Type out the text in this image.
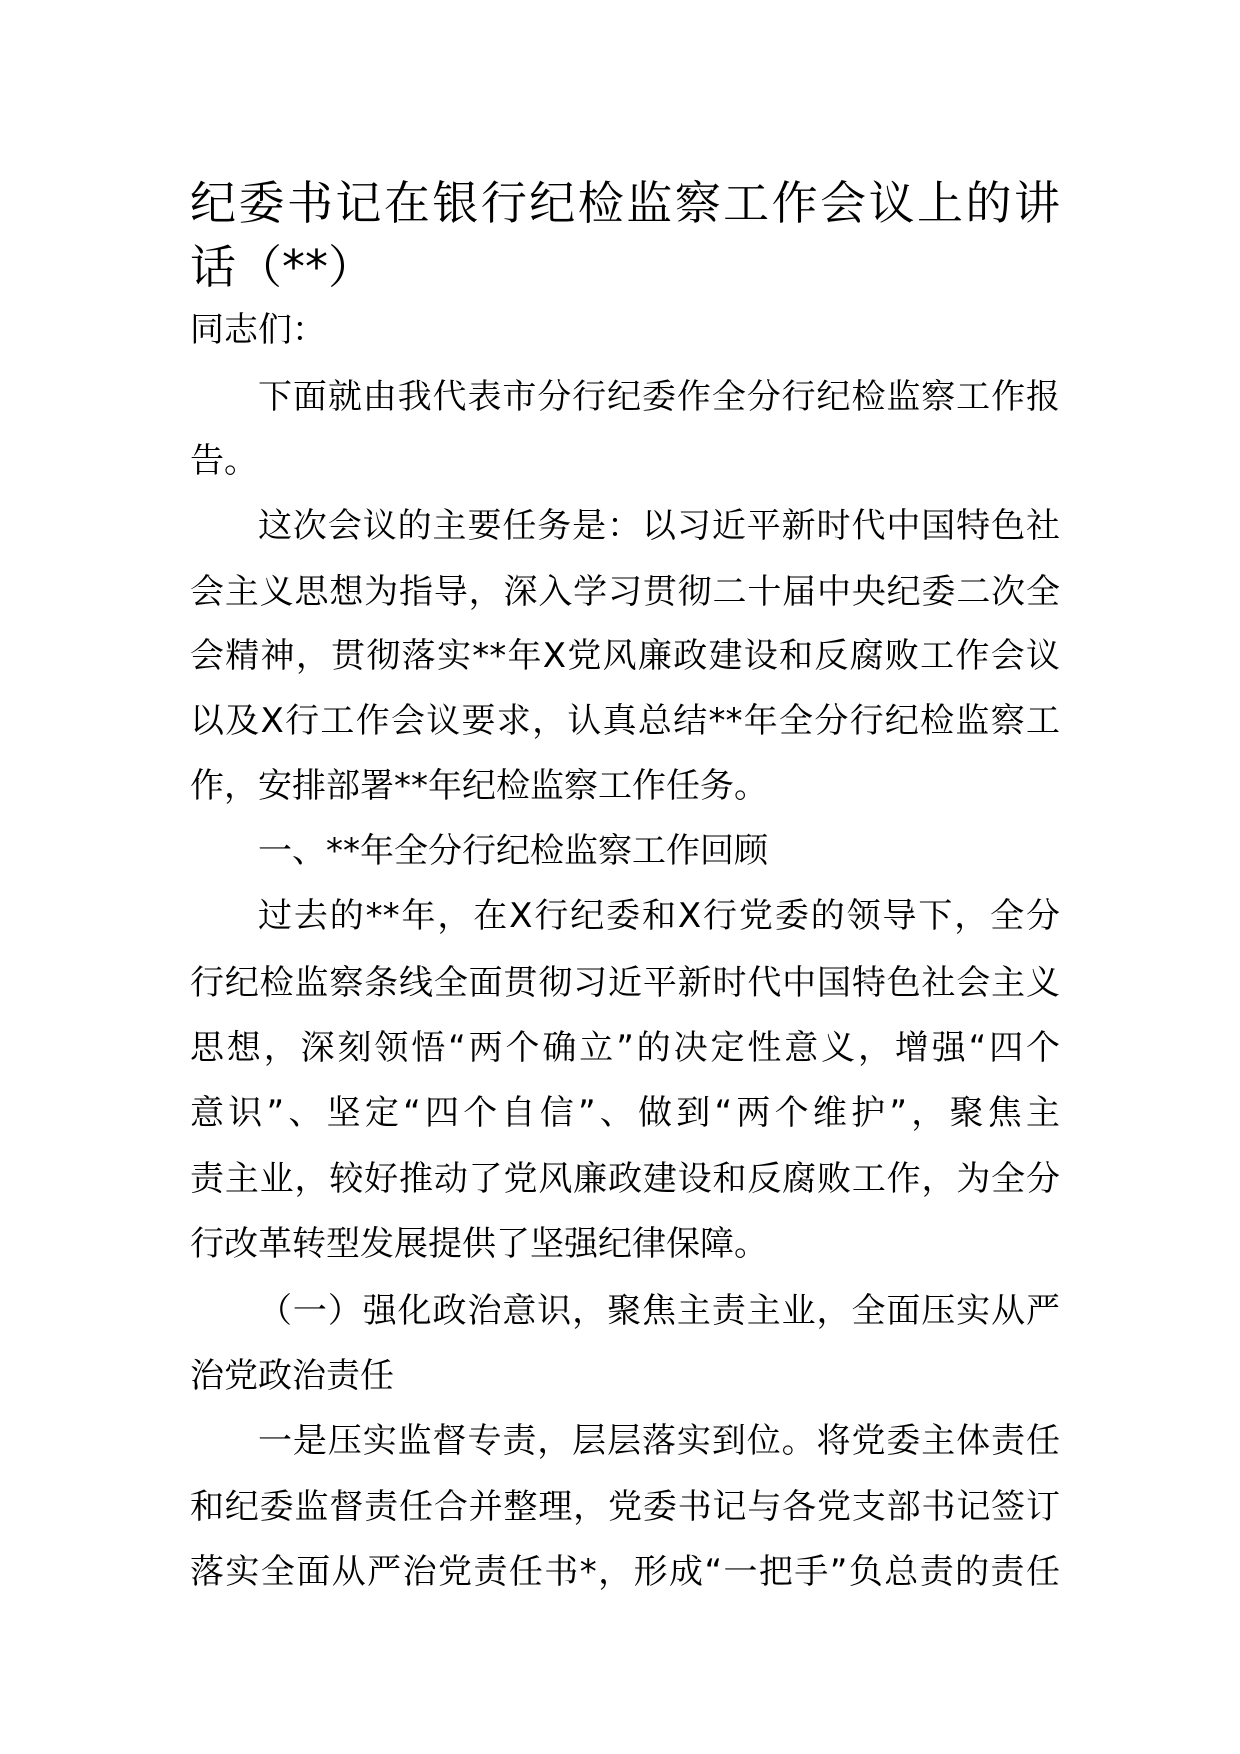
纪委书记在银行纪检监察工作会议上的讲
话（**）
同志们：
下面就由我代表市分行纪委作全分行纪检监察工作报
告。
这次会议的主要任务是：以习近平新时代中国特色社
会主义思想为指导，深入学习贯彻二十届中央纪委二次全
会精神，贯彻落实**年X党风廉政建设和反腐败工作会议
以及X行工作会议要求，认真总结**年全分行纪检监察工
作，安排部署**年纪检监察工作任务。
一、**年全分行纪检监察工作回顾
过去的**年，在X行纪委和X行党委的领导下，全分
行纪检监察条线全面贯彻习近平新时代中国特色社会主义
思想，深刻领悟“两个确立”的决定性意义，增强“四个
意识”、坚定“四个自信”、做到“两个维护”，聚焦主
责主业，较好推动了党风廉政建设和反腐败工作，为全分
行改革转型发展提供了坚强纪律保障。
（一）强化政治意识，聚焦主责主业，全面压实从严
治党政治责任
一是压实监督专责，层层落实到位。将党委主体责任
和纪委监督责任合并整理，党委书记与各党支部书记签订
落实全面从严治党责任书*，形成“一把手”负总责的责任
